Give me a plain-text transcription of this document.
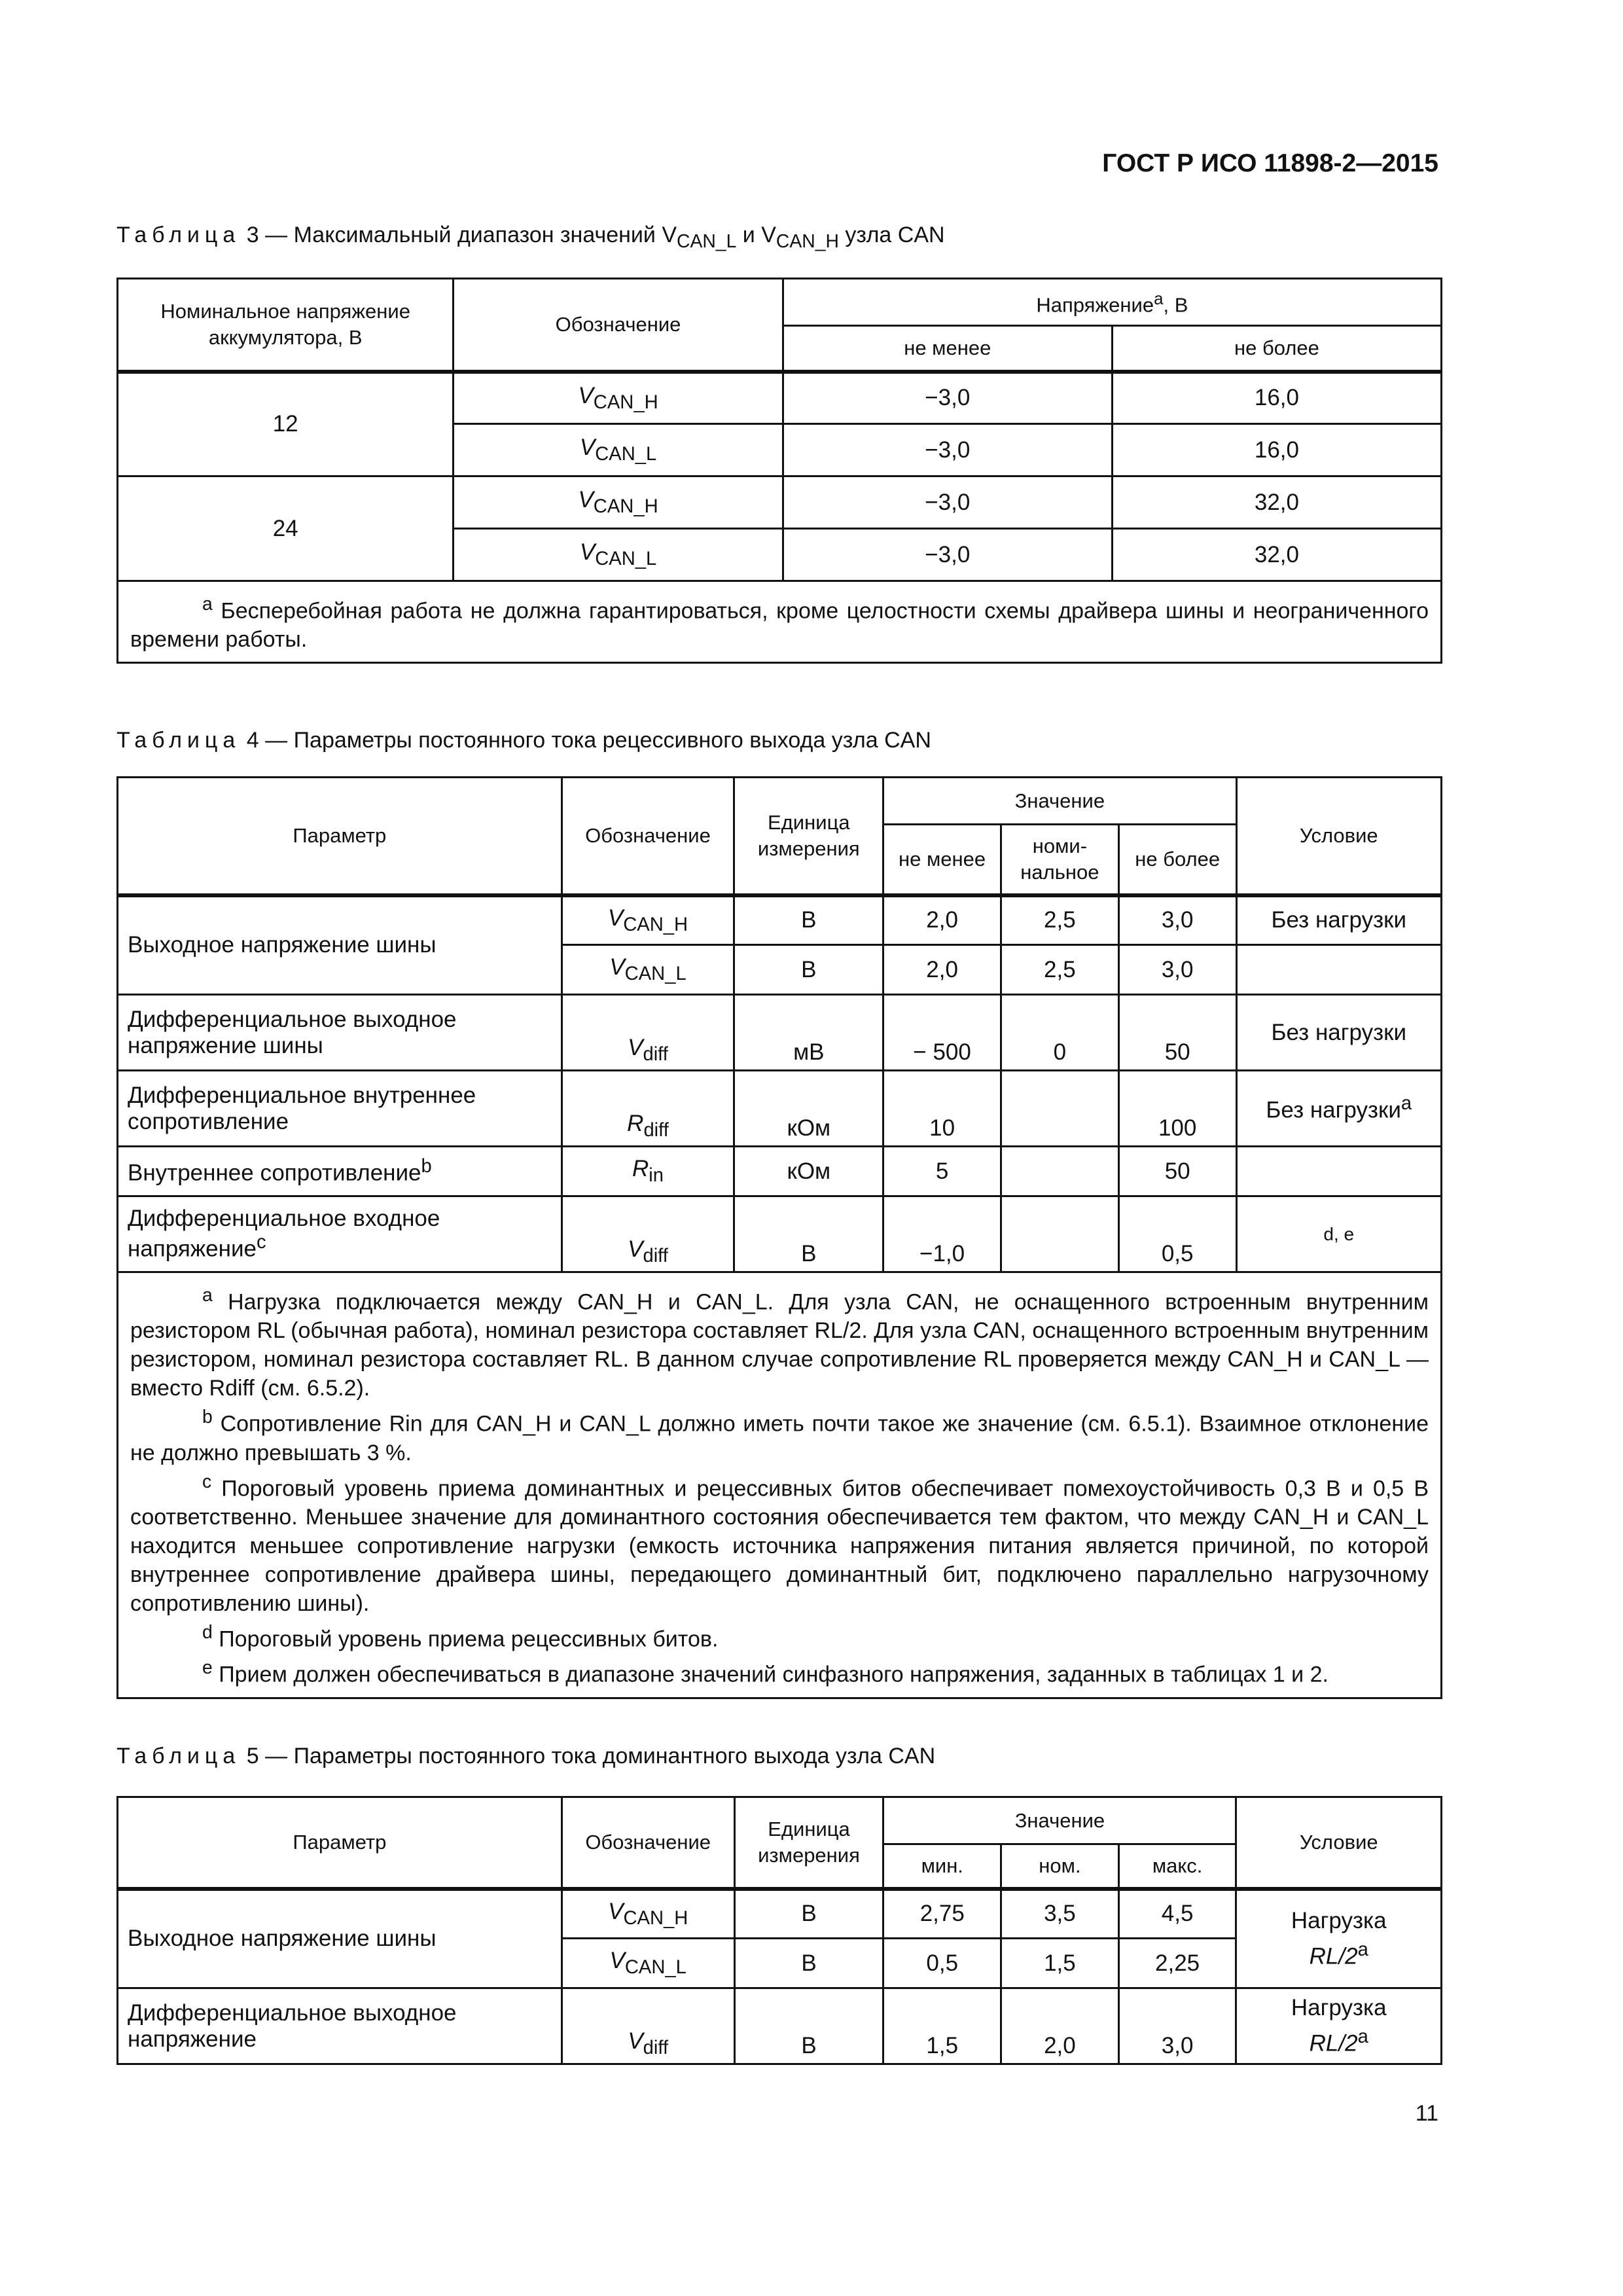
ГОСТ Р ИСО 11898-2—2015
Таблица 3 — Максимальный диапазон значений $V_{CAN\_L}$ и $V_{CAN\_H}$ узла CAN
Номинальное напряжение аккумулятора, В	Обозначение	Напряжение$^a$, В	
		не менее	не более
12	$V_{CAN\_H}$	−3,0	16,0
	$V_{CAN\_L}$	−3,0	16,0
24	$V_{CAN\_H}$	−3,0	32,0
	$V_{CAN\_L}$	−3,0	32,0

$^a$ Бесперебойная работа не должна гарантироваться, кроме целостности схемы драйвера шины и неограниченного времени работы.			

Таблица 4 — Параметры постоянного тока рецессивного выхода узла CAN
Параметр	Обозначение	Единица измерения	Значение			Условие
			не менее	номи-нальное	не более	
Выходное напряжение шины	$V_{CAN\_H}$	В	2,0	2,5	3,0	Без нагрузки
	$V_{CAN\_L}$	В	2,0	2,5	3,0	
Дифференциальное выходное напряжение шины	$V_{diff}$	мВ	− 500	0	50	Без нагрузки
Дифференциальное внутреннее сопротивление	$R_{diff}$	кОм	10		100	Без нагрузки$^a$
Внутреннее сопротивление$^b$	$R_{in}$	кОм	5		50	
Дифференциальное входное напряжение$^c$	$V_{diff}$	В	−1,0		0,5	d, e

$^a$ Нагрузка подключается между CAN_H и CAN_L. Для узла CAN, не оснащенного встроенным внутренним резистором RL (обычная работа), номинал резистора составляет RL/2. Для узла CAN, оснащенного встроенным внутренним резистором, номинал резистора составляет RL. В данном случае сопротивление RL проверяется между CAN_H и CAN_L — вместо Rdiff (см. 6.5.2).

$^b$ Сопротивление Rin для CAN_H и CAN_L должно иметь почти такое же значение (см. 6.5.1). Взаимное отклонение не должно превышать 3 %.

$^c$ Пороговый уровень приема доминантных и рецессивных битов обеспечивает помехоустойчивость 0,3 В и 0,5 В соответственно. Меньшее значение для доминантного состояния обеспечивается тем фактом, что между CAN_H и CAN_L находится меньшее сопротивление нагрузки (емкость источника напряжения питания является причиной, по которой внутреннее сопротивление драйвера шины, передающего доминантный бит, подключено параллельно нагрузочному сопротивлению шины).

$^d$ Пороговый уровень приема рецессивных битов.

$^e$ Прием должен обеспечиваться в диапазоне значений синфазного напряжения, заданных в таблицах 1 и 2.						

Таблица 5 — Параметры постоянного тока доминантного выхода узла CAN
Параметр	Обозначение	Единица измерения	Значение			Условие
			мин.	ном.	макс.	
Выходное напряжение шины	$V_{CAN\_H}$	В	2,75	3,5	4,5	Нагрузка
RL/2$^a$
	$V_{CAN\_L}$	В	0,5	1,5	2,25	
Дифференциальное выходное напряжение	$V_{diff}$	В	1,5	2,0	3,0	Нагрузка
RL/2$^a$
11
